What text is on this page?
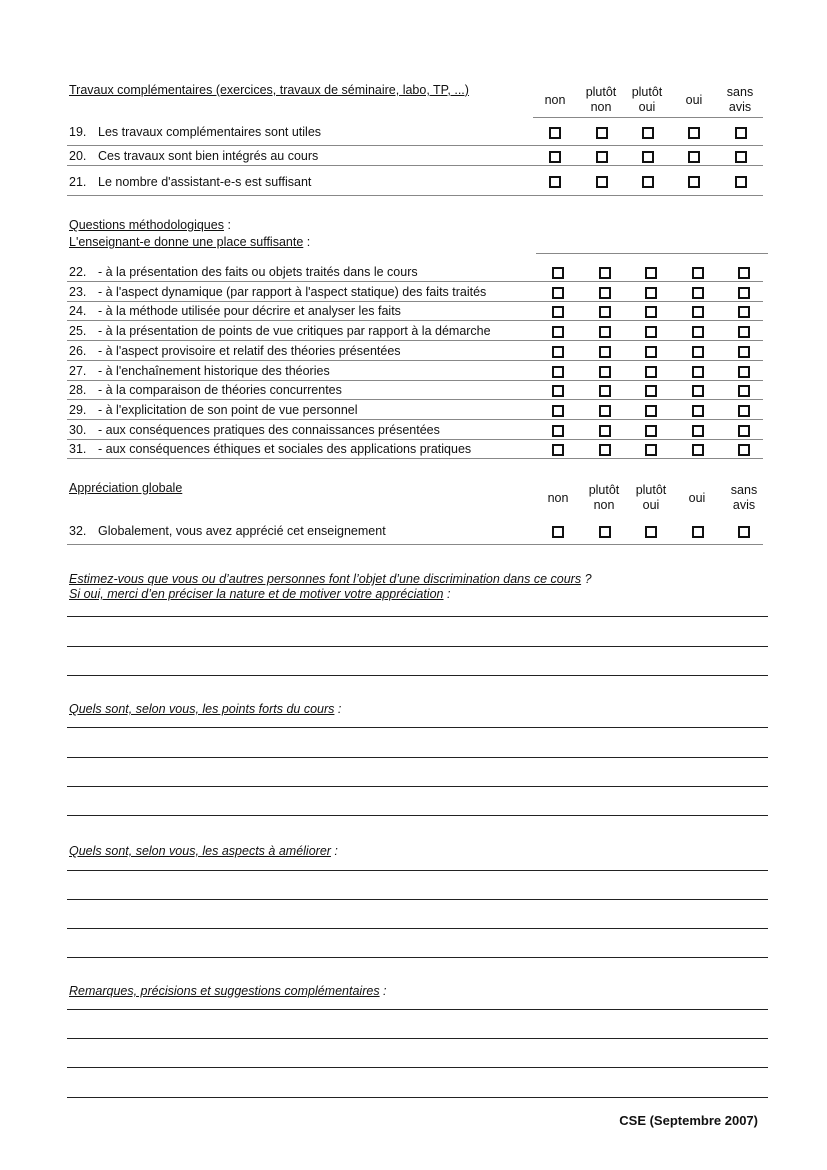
Travaux complémentaires (exercices, travaux de séminaire, labo, TP, ...)
non
plutôt
non
plutôt
oui	oui
sans
avis
19. Les travaux complémentaires sont utiles
20. Ces travaux sont bien intégrés au cours
21. Le nombre d'assistant-e-s est suffisant
Questions méthodologiques :
L'enseignant-e donne une place suffisante :
22. - à la présentation des faits ou objets traités dans le cours
23. - à l'aspect dynamique (par rapport à l'aspect statique) des faits traités
24. - à la méthode utilisée pour décrire et analyser les faits
25. - à la présentation de points de vue critiques par rapport à la démarche
26. - à l'aspect provisoire et relatif des théories présentées
27. - à l'enchaînement historique des théories
28. - à la comparaison de théories concurrentes
29. - à l'explicitation de son point de vue personnel
30. - aux conséquences pratiques des connaissances présentées
31. - aux conséquences éthiques et sociales des applications pratiques
Appréciation globale
non
plutôt
non
plutôt
oui	oui
sans
avis
32. Globalement, vous avez apprécié cet enseignement
Estimez-vous que vous ou d’autres personnes font l’objet d’une discrimination dans ce cours ?
Si oui, merci d’en préciser la nature et de motiver votre appréciation :
Quels sont, selon vous, les points forts du cours :
Quels sont, selon vous, les aspects à améliorer :
Remarques, précisions et suggestions complémentaires :
CSE (Septembre 2007)
